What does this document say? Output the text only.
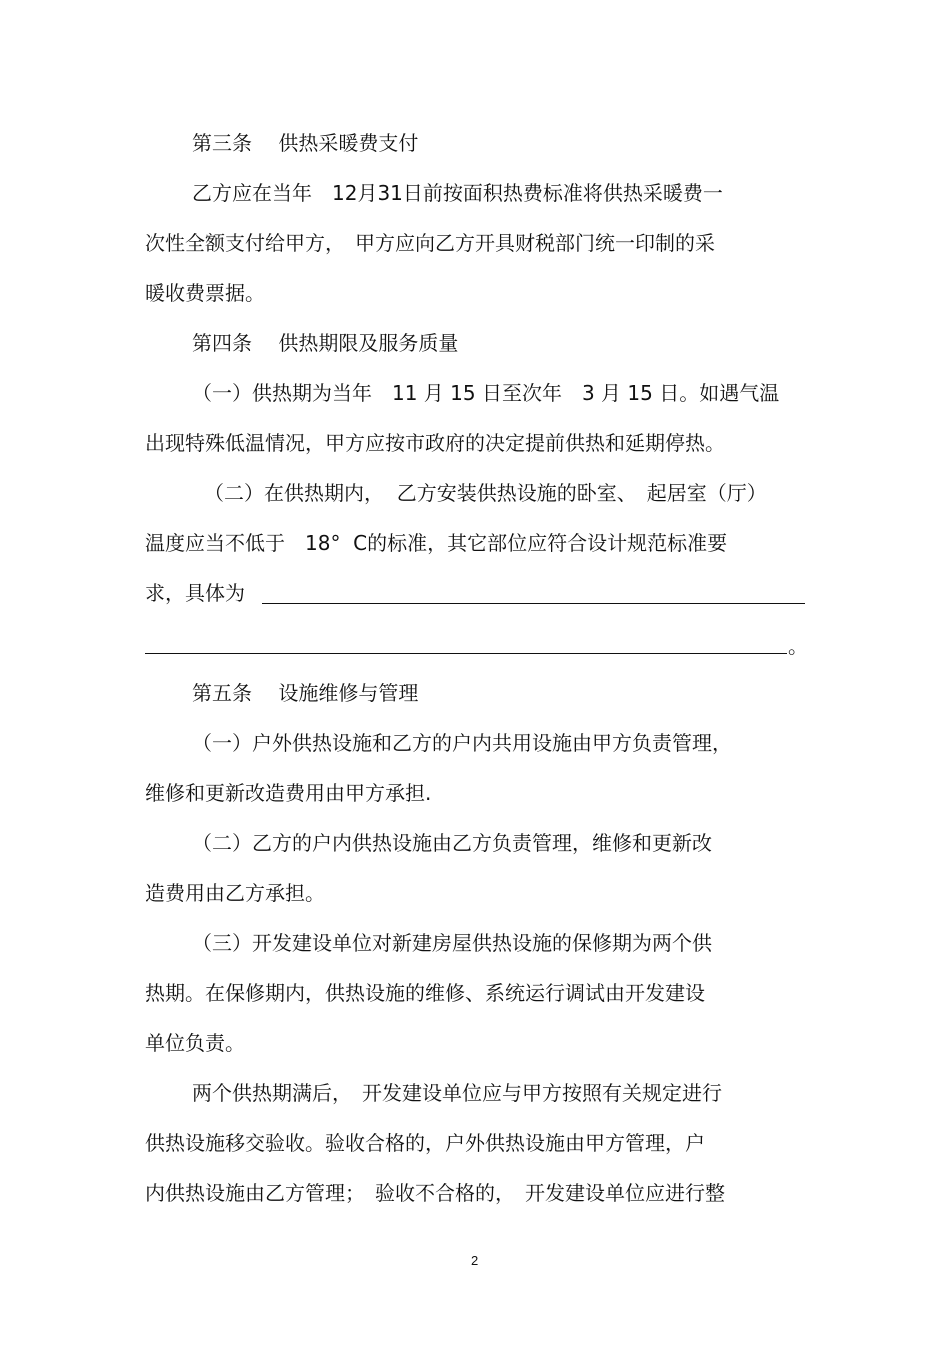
第三条　 供热采暖费支付
乙方应在当年　12月31日前按面积热费标准将供热采暖费一
次性全额支付给甲方，　甲方应向乙方开具财税部门统一印制的采
暖收费票据。
第四条　 供热期限及服务质量
（一）供热期为当年　11 月 15 日至次年　3 月 15 日。如遇气温
出现特殊低温情况，甲方应按市政府的决定提前供热和延期停热。
（二）在供热期内，  乙方安装供热设施的卧室、　起居室（厅）
温度应当不低于　18°  C的标准，其它部位应符合设计规范标准要
求，具体为
。
第五条　 设施维修与管理
（一）户外供热设施和乙方的户内共用设施由甲方负责管理，
维修和更新改造费用由甲方承担.
（二）乙方的户内供热设施由乙方负责管理，维修和更新改
造费用由乙方承担。
（三）开发建设单位对新建房屋供热设施的保修期为两个供
热期。在保修期内，供热设施的维修、系统运行调试由开发建设
单位负责。
两个供热期满后，　开发建设单位应与甲方按照有关规定进行
供热设施移交验收。验收合格的，户外供热设施由甲方管理，户
内供热设施由乙方管理；　验收不合格的，　开发建设单位应进行整
2
